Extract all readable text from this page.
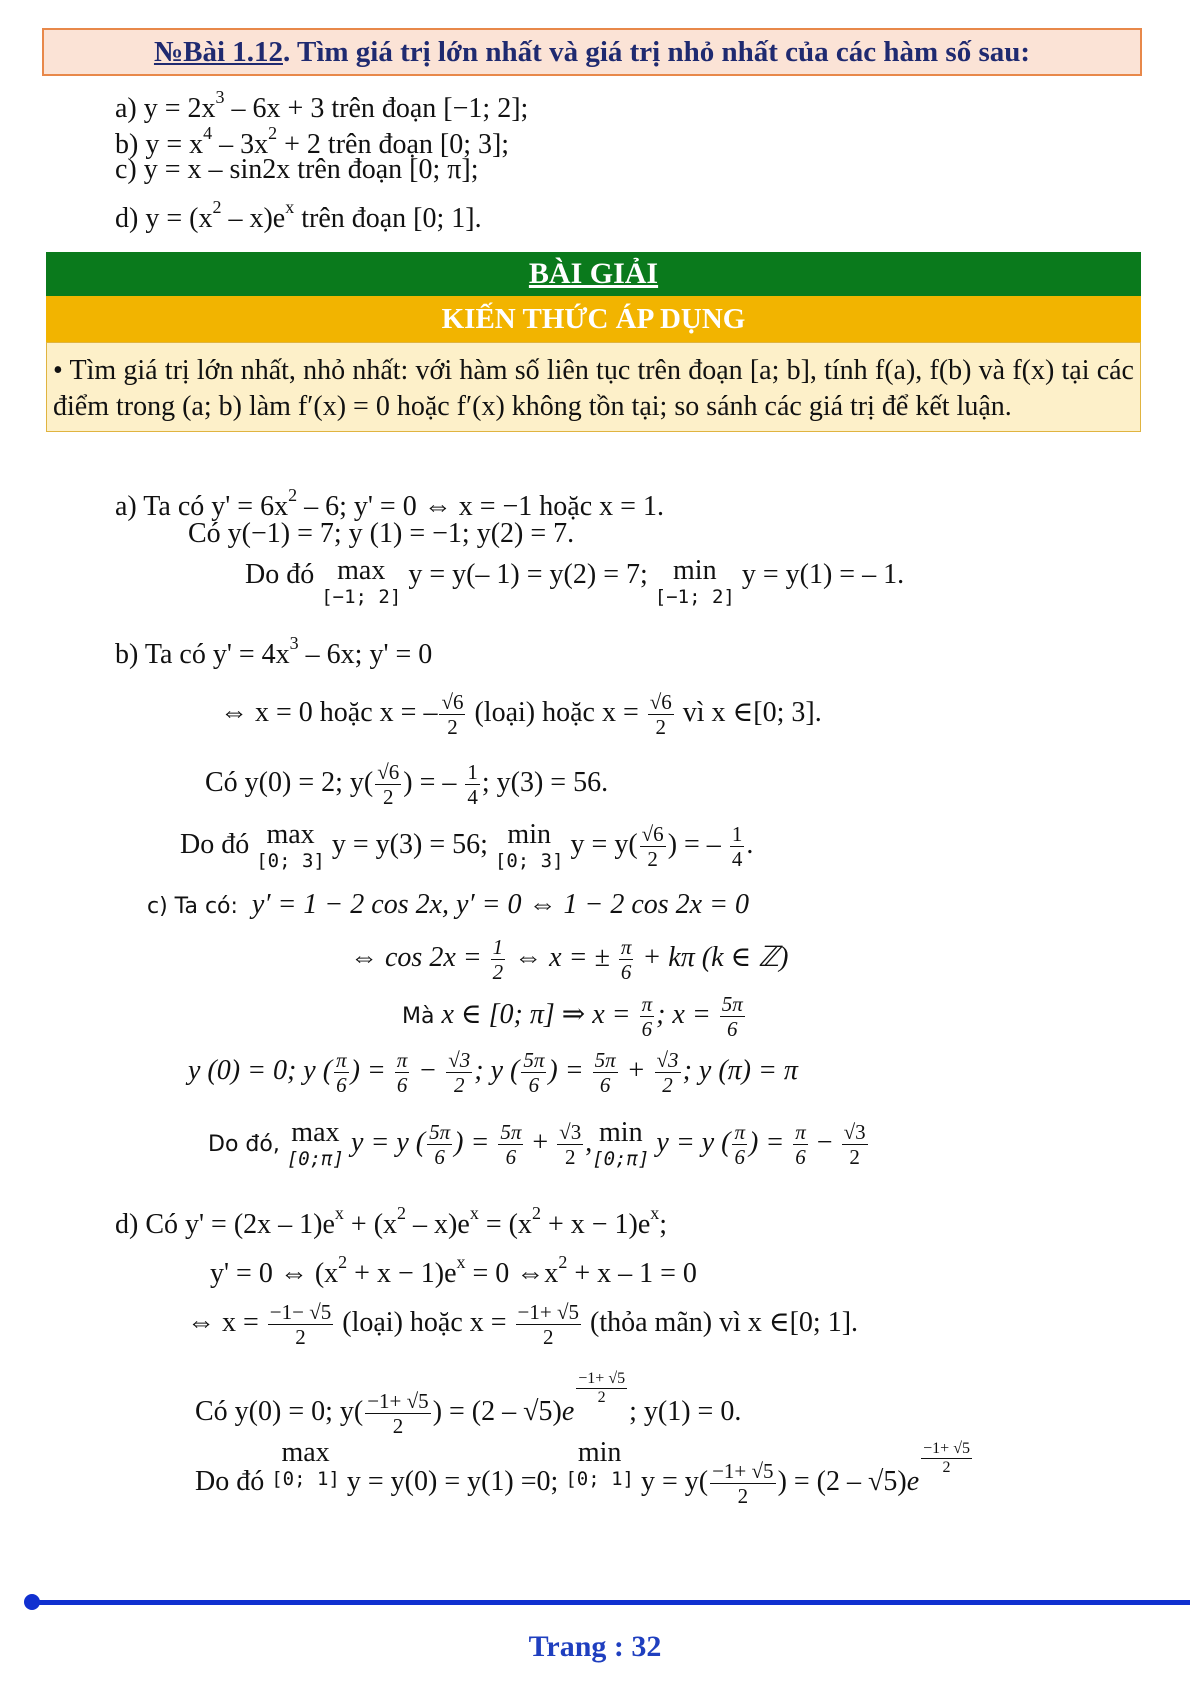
№Bài 1.12. Tìm giá trị lớn nhất và giá trị nhỏ nhất của các hàm số sau:
a) $y = 2x^3 - 6x + 3$ trên đoạn [−1; 2];
b) $y = x^4 - 3x^2 + 2$ trên đoạn [0; 3];
c) y = x – sin2x trên đoạn [0; π];
d) $y = (x^2 - x)e^x$ trên đoạn [0; 1].
BÀI GIẢI
KIẾN THỨC ÁP DỤNG
• Tìm giá trị lớn nhất, nhỏ nhất: với hàm số liên tục trên đoạn [a; b], tính f(a), f(b) và f(x) tại các điểm trong (a; b) làm f′(x) = 0 hoặc f′(x) không tồn tại; so sánh các giá trị để kết luận.
a) Ta có $y' = 6x^2 - 6$; y' = 0 ⇔ x = −1 hoặc x = 1.
Có y(−1) = 7; y (1) = −1; y(2) = 7.
Do đó max
[−1; 2]
y = y(– 1) = y(2) = 7; min
[−1; 2]
y = y(1) = – 1.
b) Ta có $y' = 4x^3 - 6x$; y' = 0
⇔ x = 0 hoặc x = – $\frac{√6}{2}$ (loại) hoặc $x = \frac{√6}{2}$ vì x ∈[0; 3].
Có y(0) = 2; $y( \frac{√6}{2}$ ) = – $\frac{1}{4}$ ; y(3) = 56.
Do đó max
[0; 3]
y = y(3) = 56; min
[0; 3]
$y = y( \frac{√6}{2}$ ) = – $\frac{1}{4}$ .
c) Ta có: y′ = 1 − 2 cos 2x, y′ = 0 ⇔ 1 − 2 cos 2x = 0
⇔ $\cos 2x = \frac{1}{2}$ ⇔ x = ± $\frac{\pi}{6} + k\pi$ (k ∈ ℤ)
Mà x ∈ [0; π] ⇒ $x = \frac{\pi}{6}$ ; $x = \frac{5\pi}{6}$
y (0) = 0; y ( $\frac{\pi}{6}$ ) = $\frac{\pi}{6} - \frac{√3}{2}$ ; y ( $\frac{5\pi}{6}$ ) = $\frac{5\pi}{6} + \frac{√3}{2}$ ; y (π) = π
Do đó, max
[0;π]
y = y ( $\frac{5\pi}{6}$ ) = $\frac{5\pi}{6} + \frac{√3}{2}$ , min
[0;π]
y = y ( $\frac{\pi}{6}$ ) = $\frac{\pi}{6} - \frac{√3}{2}$
d) Có $y' = (2x - 1)e^x + (x^2 - x)e^x = (x^2 + x - 1)e^x$;
y' = 0 ⇔ $(x^2 + x - 1)e^x = 0$ $\Leftrightarrow x^2 + x - 1 = 0$
⇔ $x = \frac{-1- √5}{2}$ (loại) hoặc $x = \frac{-1+ √5}{2}$ (thỏa mãn) vì x ∈[0; 1].
Có y(0) = 0; $y( \frac{-1+ √5}{2}$ ) = (2 – √5)e
$\frac{-1+ √5}{2}$
; y(1) = 0.
Do đó
max
[0; 1] y = y(0) = y(1) =0;
min
[0; 1] $y = y( \frac{-1+ √5}{2}$ ) = (2 – √5)e
$\frac{-1+ √5}{2}$
Trang : 32
